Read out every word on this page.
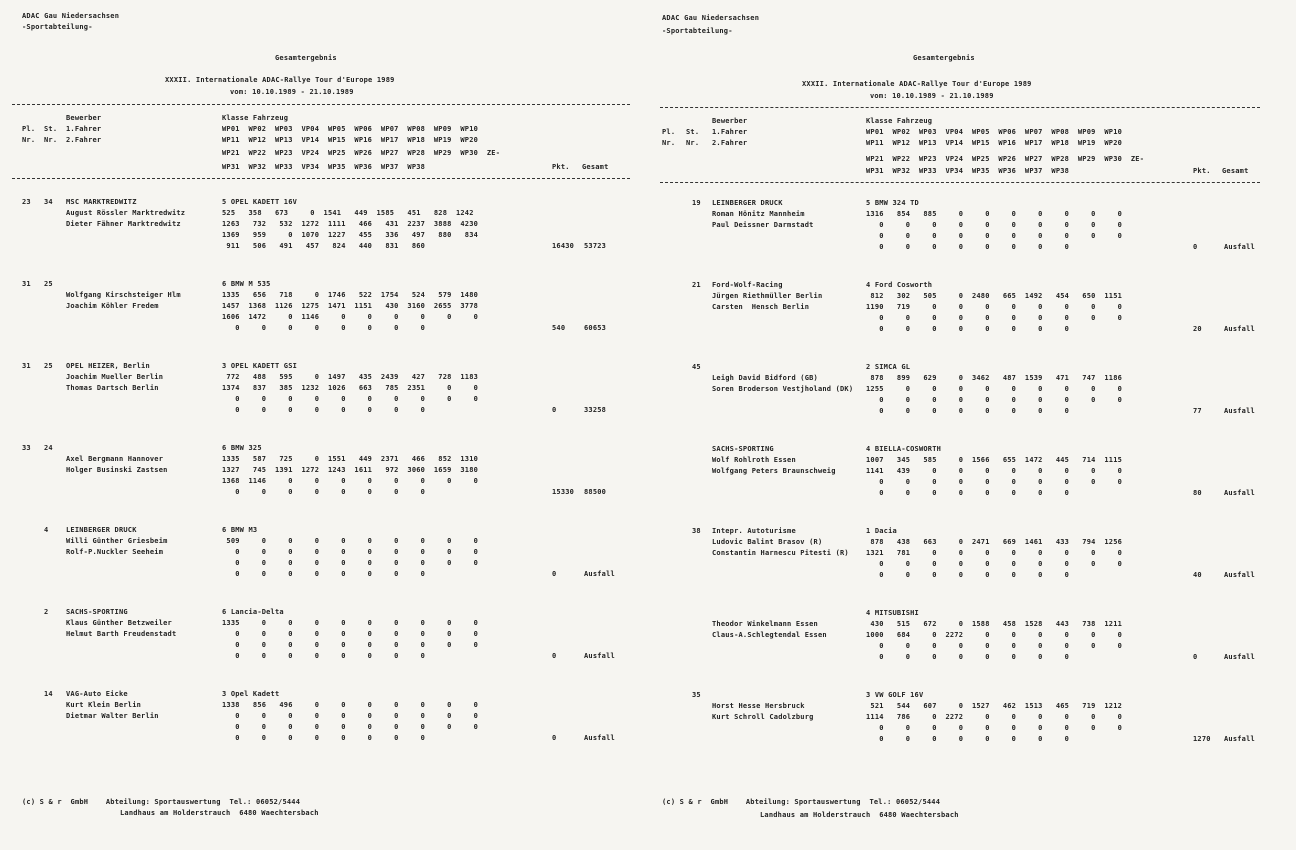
ADAC Gau Niedersachsen
-Sportabteilung-
Gesamtergebnis
XXXII. Internationale ADAC-Rallye Tour d'Europe 1989
vom: 10.10.1989 - 21.10.1989
Bewerber	Klasse Fahrzeug
Pl. St. 1.Fahrer
Nr. Nr. 2.Fahrer
WP01  WP02  WP03  VP04  WP05  WP06  WP07  WP08  WP09  WP10
WP11  WP12  WP13  VP14  WP15  WP16  WP17  WP18  WP19  WP20
WP21  WP22  WP23  VP24  WP25  WP26  WP27  WP28  WP29  WP30  ZE-
WP31  WP32  WP33  VP34  WP35  WP36  WP37  WP38	Pkt. Gesamt
23 34 MSC MARKTREDWITZ	5 OPEL KADETT 16V
August Rössler Marktredwitz
Dieter Fähner Marktredwitz
525   358   673     0  1541   449  1585   451   828  1242
1263   732   532  1272  1111   466   431  2237  3888  4230
1369   959     0  1070  1227   455   336   497   880   834
911   506   491   457   824   440   831   860	16430 53723
31 25	6 BMW M 535
Wolfgang Kirschsteiger Hlm
Joachim Köhler Fredem
1335   656   718     0  1746   522  1754   524   579  1480
1457  1368  1126  1275  1471  1151   430  3160  2655  3778
1606  1472     0  1146     0     0     0     0     0     0
0     0     0     0     0     0     0     0	540	60653
31 25 OPEL HEIZER, Berlin	3 OPEL KADETT GSI
Joachim Mueller Berlin
Thomas Dartsch Berlin
772   488   595     0  1497   435  2439   427   728  1183
1374   837   385  1232  1026   663   785  2351     0     0
0     0     0     0     0     0     0     0     0     0
0     0     0     0     0     0     0     0	0	33258
33 24	6 BMW 325
Axel Bergmann Hannover
Holger Businski Zastsen
1335   587   725     0  1551   449  2371   466   852  1310
1327   745  1391  1272  1243  1611   972  3060  1659  3180
1368  1146     0     0     0     0     0     0     0     0
0     0     0     0     0     0     0     0	15330 88500
4	LEINBERGER DRUCK	6 BMW M3
Willi Günther Griesbeim
Rolf-P.Nuckler Seeheim
509     0     0     0     0     0     0     0     0     0
0     0     0     0     0     0     0     0     0     0
0     0     0     0     0     0     0     0     0     0
0     0     0     0     0     0     0     0	0	Ausfall
2	SACHS-SPORTING	6 Lancia-Delta
Klaus Günther Betzweiler
Helmut Barth Freudenstadt
1335     0     0     0     0     0     0     0     0     0
0     0     0     0     0     0     0     0     0     0
0     0     0     0     0     0     0     0     0     0
0     0     0     0     0     0     0     0	0	Ausfall
14 VAG-Auto Eicke	3 Opel Kadett
Kurt Klein Berlin
Dietmar Walter Berlin
1338   856   496     0     0     0     0     0     0     0
0     0     0     0     0     0     0     0     0     0
0     0     0     0     0     0     0     0     0     0
0     0     0     0     0     0     0     0	0	Ausfall
(c) S & r  GmbH    Abteilung: Sportauswertung  Tel.: 06052/5444
Landhaus am Holderstrauch  6480 Waechtersbach
ADAC Gau Niedersachsen
-Sportabteilung-
Gesamtergebnis
XXXII. Internationale ADAC-Rallye Tour d'Europe 1989
vom: 10.10.1989 - 21.10.1989
Bewerber	Klasse Fahrzeug
Pl. St. 1.Fahrer
Nr. Nr. 2.Fahrer
WP01  WP02  WP03  VP04  WP05  WP06  WP07  WP08  WP09  WP10
WP11  WP12  WP13  VP14  WP15  WP16  WP17  WP18  WP19  WP20
WP21  WP22  WP23  VP24  WP25  WP26  WP27  WP28  WP29  WP30  ZE-
WP31  WP32  WP33  VP34  WP35  WP36  WP37  WP38	Pkt. Gesamt
19 LEINBERGER DRUCK	5 BMW 324 TD
Roman Hönitz Mannheim
Paul Deissner Darmstadt
1316   854   885     0     0     0     0     0     0     0
0     0     0     0     0     0     0     0     0     0
0     0     0     0     0     0     0     0     0     0
0     0     0     0     0     0     0     0	0	Ausfall
21 Ford-Wolf-Racing	4 Ford Cosworth
Jürgen Riethmüller Berlin
Carsten  Hensch Berlin
812   302   505     0  2480   665  1492   454   650  1151
1190   719     0     0     0     0     0     0     0     0
0     0     0     0     0     0     0     0     0     0
0     0     0     0     0     0     0     0	20	Ausfall
45	2 SIMCA GL
Leigh David Bidford (GB)
Soren Broderson Vestjholand (DK)
878   899   629     0  3462   487  1539   471   747  1186
1255     0     0     0     0     0     0     0     0     0
0     0     0     0     0     0     0     0     0     0
0     0     0     0     0     0     0     0	77	Ausfall
SACHS-SPORTING	4 BIELLA-COSWORTH
Wolf Rohlroth Essen
Wolfgang Peters Braunschweig
1007   345   585     0  1566   655  1472   445   714  1115
1141   439     0     0     0     0     0     0     0     0
0     0     0     0     0     0     0     0     0     0
0     0     0     0     0     0     0     0	80	Ausfall
38 Intepr. Autoturisme	1 Dacia
Ludovic Balint Brasov (R)
Constantin Harnescu Pitesti (R)
878   438   663     0  2471   669  1461   433   794  1256
1321   781     0     0     0     0     0     0     0     0
0     0     0     0     0     0     0     0     0     0
0     0     0     0     0     0     0     0	40	Ausfall
4 MITSUBISHI
Theodor Winkelmann Essen
Claus-A.Schlegtendal Essen
430   515   672     0  1588   458  1528   443   738  1211
1000   684     0  2272     0     0     0     0     0     0
0     0     0     0     0     0     0     0     0     0
0     0     0     0     0     0     0     0	0	Ausfall
35	3 VW GOLF 16V
Horst Hesse Hersbruck
Kurt Schroll Cadolzburg
521   544   607     0  1527   462  1513   465   719  1212
1114   786     0  2272     0     0     0     0     0     0
0     0     0     0     0     0     0     0     0     0
0     0     0     0     0     0     0     0	1270 Ausfall
(c) S & r  GmbH    Abteilung: Sportauswertung  Tel.: 06052/5444
Landhaus am Holderstrauch  6480 Waechtersbach
